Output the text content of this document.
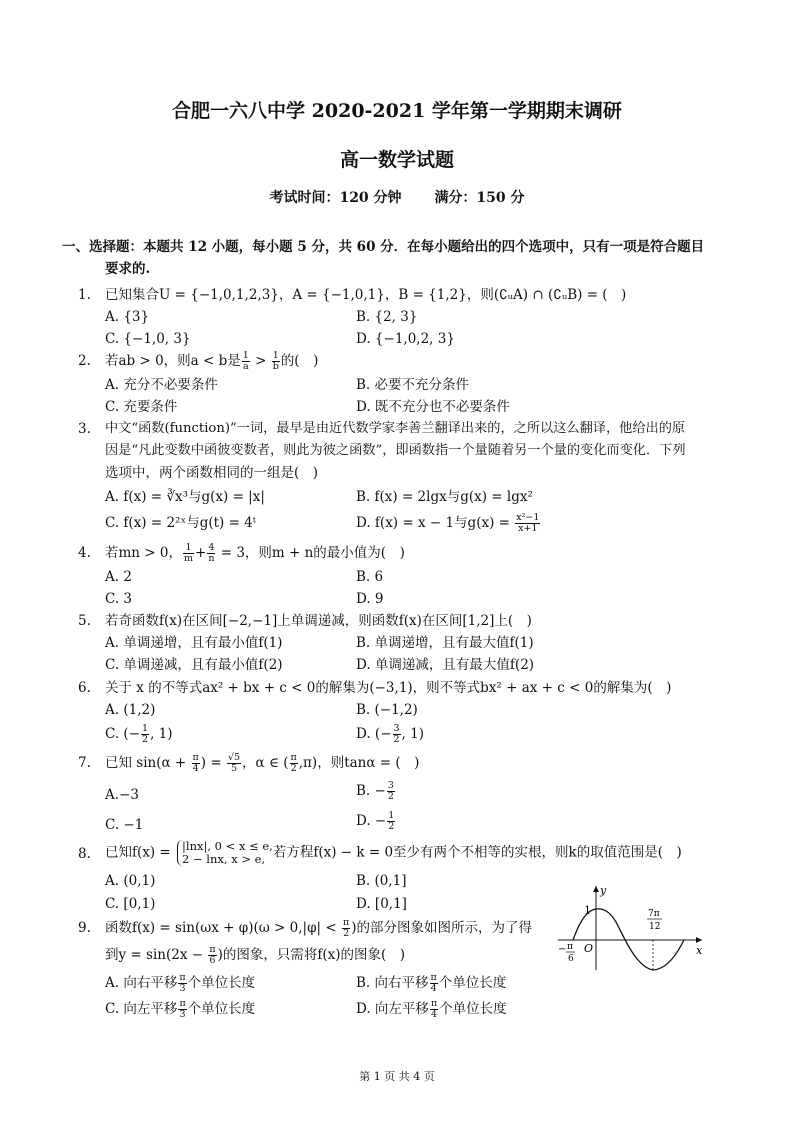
合肥一六八中学 2020-2021 学年第一学期期末调研
高一数学试题
考试时间：120 分钟 满分：150 分
一、选择题：本题共 12 小题，每小题 5 分，共 60 分．在每小题给出的四个选项中，只有一项是符合题目
要求的.
1.	已知集合U = {−1,0,1,2,3}，A = {−1,0,1}，B = {1,2}，则(∁ᵤA) ∩ (∁ᵤB) = (　)
A. {3}	B. {2, 3}
C. {−1,0, 3}	D. {−1,0,2, 3}
2.	若ab > 0，则a < b是 $\frac{1}{a} > \frac{1}{b}$ 的(　)
A. 充分不必要条件	B. 必要不充分条件
C. 充要条件	D. 既不充分也不必要条件
3.	中文“函数(function)”一词，最早是由近代数学家李善兰翻译出来的，之所以这么翻译，他给出的原
因是“凡此变数中函彼变数者，则此为彼之函数”，即函数指一个量随着另一个量的变化而变化．下列
选项中，两个函数相同的一组是(　)
A. f(x) = ∛x³与g(x) = |x|	B. f(x) = 2lgx与g(x) = lgx²
C. f(x) = 2²ˣ与g(t) = 4ᵗ	D. f(x) = x − 1与$g(x) = \frac{\text{x²−1}}{x+1}$
4.	若mn > 0， $\frac{1}{m} + \frac{4}{n} = 3$，则m + n的最小值为(　)
A. 2	B. 6
C. 3	D. 9
5.	若奇函数f(x)在区间[−2,−1]上单调递减，则函数f(x)在区间[1,2]上(　)
A. 单调递增，且有最小值f(1)	B. 单调递增，且有最大值f(1)
C. 单调递减，且有最小值f(2)	D. 单调递减，且有最大值f(2)
6.	关于 x 的不等式ax² + bx + c < 0的解集为(−3,1)，则不等式bx² + ax + c < 0的解集为(　)
A. (1,2)	B. (−1,2)
C. (− $\frac{1}{2}$ , 1)	D. (− $\frac{3}{2}$ , 1)
7.	已知 $\sin(\alpha + \frac{\pi}{4}$ ) = $\frac{√5}{5}$ ，α ∈ ( $\frac{\pi}{2} ,\pi$)，则tanα = (　)
A.−3	B. − $\frac{3}{2}$
C. −1	D. − $\frac{1}{2}$
8.	已知f(x) = |lnx|, 0 < x ≤ e,
2 − lnx, x > e, 若方程f(x) − k = 0至少有两个不相等的实根，则k的取值范围是(　)
A. (0,1)	B. (0,1]
C. [0,1)	D. [0,1]
9.	函数$f(x) = \sin(\omega x + \varphi)(\omega > 0,|\varphi| < \frac{\pi}{2}$ )的部分图象如图所示，为了得
到$y = \sin(2x - \frac{\pi}{6}$ )的图象，只需将f(x)的图象(　)
A. 向右平移 $\frac{\pi}{3}$ 个单位长度	B. 向右平移 $\frac{\pi}{4}$ 个单位长度
C. 向左平移 $\frac{\pi}{3}$ 个单位长度	D. 向左平移 $\frac{\pi}{4}$ 个单位长度
y
x
O
1
− π
6
7π
12
第 1 页 共 4 页
